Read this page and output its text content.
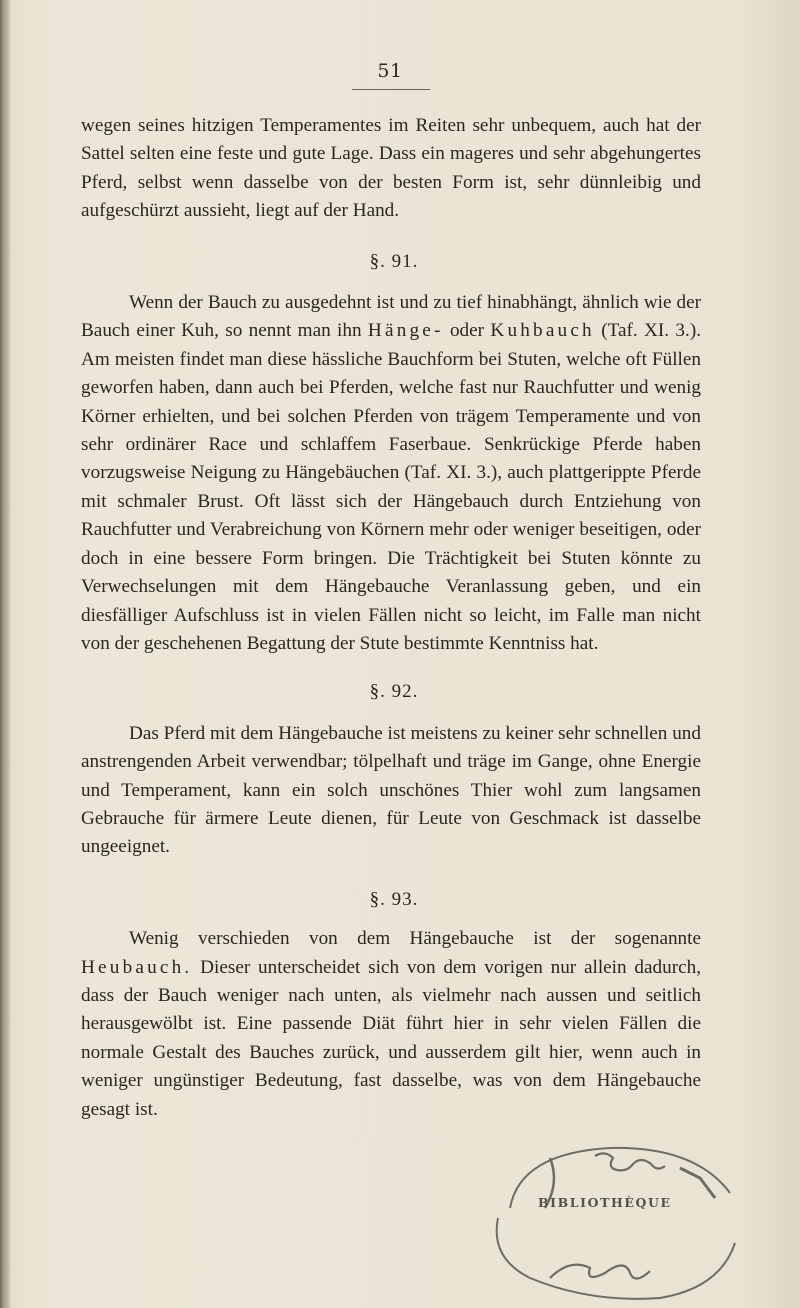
51

wegen seines hitzigen Temperamentes im Reiten sehr unbequem, auch hat der Sattel selten eine feste und gute Lage. Dass ein mageres und sehr abgehungertes Pferd, selbst wenn dasselbe von der besten Form ist, sehr dünnleibig und aufgeschürzt aussieht, liegt auf der Hand.

§. 91.

Wenn der Bauch zu ausgedehnt ist und zu tief hinabhängt, ähnlich wie der Bauch einer Kuh, so nennt man ihn Hänge- oder Kuhbauch (Taf. XI. 3.). Am meisten findet man diese hässliche Bauchform bei Stuten, welche oft Füllen geworfen haben, dann auch bei Pferden, welche fast nur Rauchfutter und wenig Körner erhielten, und bei solchen Pferden von trägem Temperamente und von sehr ordinärer Race und schlaffem Faserbaue. Senkrückige Pferde haben vorzugsweise Neigung zu Hängebäuchen (Taf. XI. 3.), auch plattgerippte Pferde mit schmaler Brust. Oft lässt sich der Hängebauch durch Entziehung von Rauchfutter und Verabreichung von Körnern mehr oder weniger beseitigen, oder doch in eine bessere Form bringen. Die Trächtigkeit bei Stuten könnte zu Verwechselungen mit dem Hängebauche Veranlassung geben, und ein diesfälliger Aufschluss ist in vielen Fällen nicht so leicht, im Falle man nicht von der geschehenen Begattung der Stute bestimmte Kenntniss hat.

§. 92.

Das Pferd mit dem Hängebauche ist meistens zu keiner sehr schnellen und anstrengenden Arbeit verwendbar; tölpelhaft und träge im Gange, ohne Energie und Temperament, kann ein solch unschönes Thier wohl zum langsamen Gebrauche für ärmere Leute dienen, für Leute von Geschmack ist dasselbe ungeeignet.

§. 93.

Wenig verschieden von dem Hängebauche ist der sogenannte Heubauch. Dieser unterscheidet sich von dem vorigen nur allein dadurch, dass der Bauch weniger nach unten, als vielmehr nach aussen und seitlich herausgewölbt ist. Eine passende Diät führt hier in sehr vielen Fällen die normale Gestalt des Bauches zurück, und ausserdem gilt hier, wenn auch in weniger ungünstiger Bedeutung, fast dasselbe, was von dem Hängebauche gesagt ist.

BIBLIOTHÈQUE
